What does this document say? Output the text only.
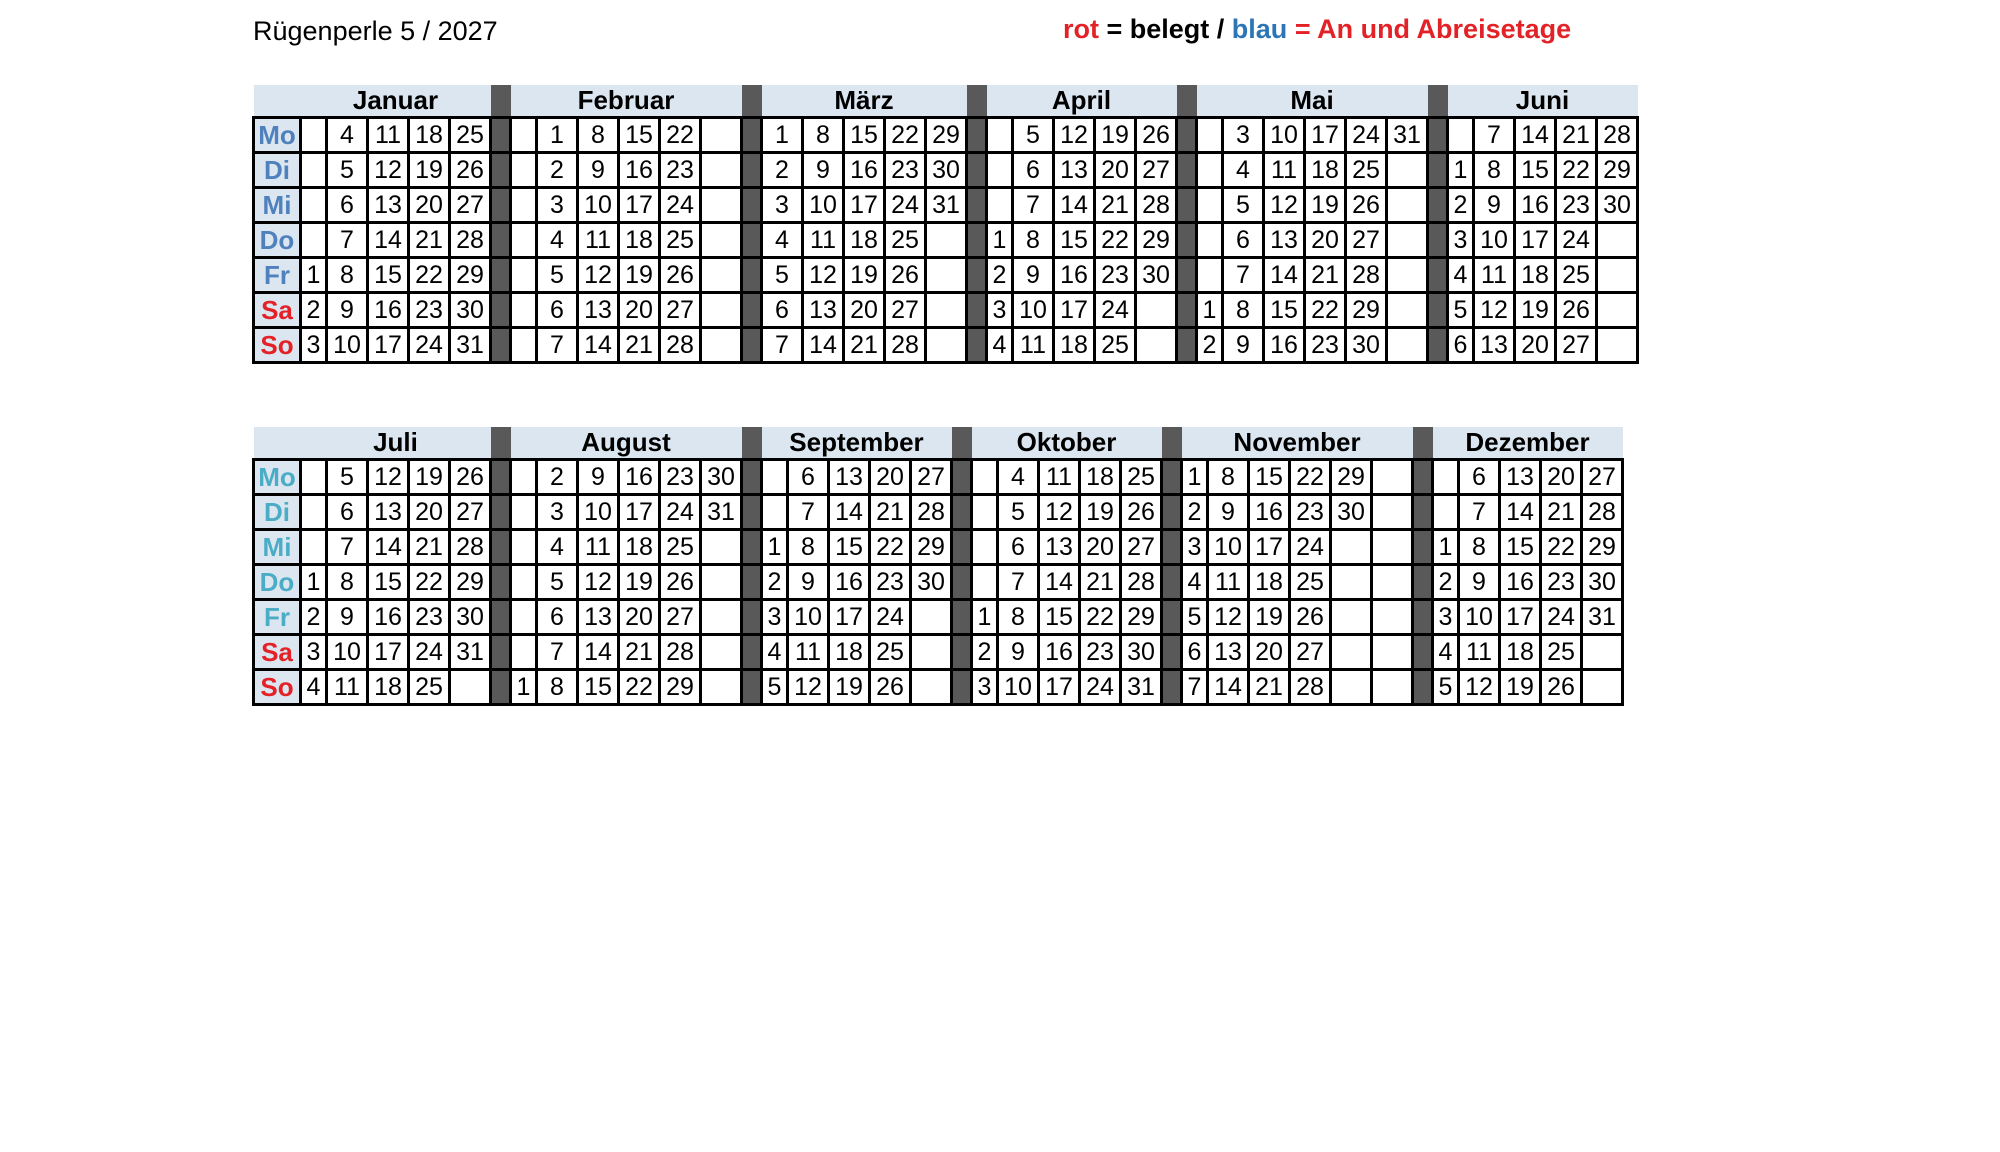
Rügenperle 5 / 2027	rot = belegt / blau = An und Abreisetage
	Januar						Februar							März						April						Mai							Juni				
Mo		4	11	18	25			1	8	15	22			1	8	15	22	29			5	12	19	26			3	10	17	24	31			7	14	21	28
Di		5	12	19	26			2	9	16	23			2	9	16	23	30			6	13	20	27			4	11	18	25			1	8	15	22	29
Mi		6	13	20	27			3	10	17	24			3	10	17	24	31			7	14	21	28			5	12	19	26			2	9	16	23	30
Do		7	14	21	28			4	11	18	25			4	11	18	25			1	8	15	22	29			6	13	20	27			3	10	17	24	
Fr	1	8	15	22	29			5	12	19	26			5	12	19	26			2	9	16	23	30			7	14	21	28			4	11	18	25	
Sa	2	9	16	23	30			6	13	20	27			6	13	20	27			3	10	17	24			1	8	15	22	29			5	12	19	26	
So	3	10	17	24	31			7	14	21	28			7	14	21	28			4	11	18	25			2	9	16	23	30			6	13	20	27	
	Juli						August							September						Oktober						November							Dezember				
Mo		5	12	19	26			2	9	16	23	30			6	13	20	27			4	11	18	25		1	8	15	22	29				6	13	20	27
Di		6	13	20	27			3	10	17	24	31			7	14	21	28			5	12	19	26		2	9	16	23	30				7	14	21	28
Mi		7	14	21	28			4	11	18	25			1	8	15	22	29			6	13	20	27		3	10	17	24				1	8	15	22	29
Do	1	8	15	22	29			5	12	19	26			2	9	16	23	30			7	14	21	28		4	11	18	25				2	9	16	23	30
Fr	2	9	16	23	30			6	13	20	27			3	10	17	24			1	8	15	22	29		5	12	19	26				3	10	17	24	31
Sa	3	10	17	24	31			7	14	21	28			4	11	18	25			2	9	16	23	30		6	13	20	27				4	11	18	25	
So	4	11	18	25			1	8	15	22	29			5	12	19	26			3	10	17	24	31		7	14	21	28				5	12	19	26	
